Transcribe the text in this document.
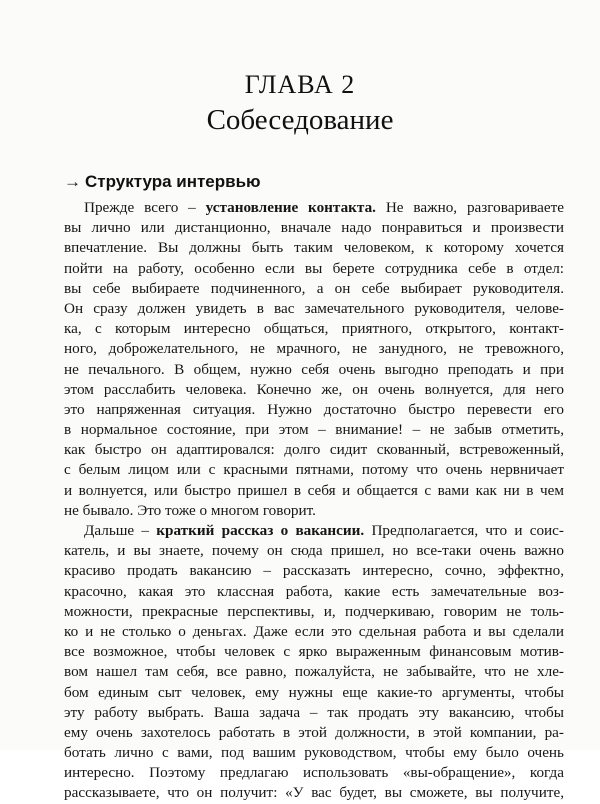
ГЛАВА 2
Собеседование
→ Структура интервью
Прежде всего – установление контакта. Не важно, разговариваете
вы лично или дистанционно, вначале надо понравиться и произвести
впечатление. Вы должны быть таким человеком, к которому хочется
пойти на работу, особенно если вы берете сотрудника себе в отдел:
вы себе выбираете подчиненного, а он себе выбирает руководителя.
Он сразу должен увидеть в вас замечательного руководителя, челове-
ка, с которым интересно общаться, приятного, открытого, контакт-
ного, доброжелательного, не мрачного, не занудного, не тревожного,
не печального. В общем, нужно себя очень выгодно преподать и при
этом расслабить человека. Конечно же, он очень волнуется, для него
это напряженная ситуация. Нужно достаточно быстро перевести его
в нормальное состояние, при этом – внимание! – не забыв отметить,
как быстро он адаптировался: долго сидит скованный, встревоженный,
с белым лицом или с красными пятнами, потому что очень нервничает
и волнуется, или быстро пришел в себя и общается с вами как ни в чем
не бывало. Это тоже о многом говорит.
Дальше – краткий рассказ о вакансии. Предполагается, что и соис-
катель, и вы знаете, почему он сюда пришел, но все-таки очень важно
красиво продать вакансию – рассказать интересно, сочно, эффектно,
красочно, какая это классная работа, какие есть замечательные воз-
можности, прекрасные перспективы, и, подчеркиваю, говорим не толь-
ко и не столько о деньгах. Даже если это сдельная работа и вы сделали
все возможное, чтобы человек с ярко выраженным финансовым мотив-
вом нашел там себя, все равно, пожалуйста, не забывайте, что не хле-
бом единым сыт человек, ему нужны еще какие-то аргументы, чтобы
эту работу выбрать. Ваша задача – так продать эту вакансию, чтобы
ему очень захотелось работать в этой должности, в этой компании, ра-
ботать лично с вами, под вашим руководством, чтобы ему было очень
интересно. Поэтому предлагаю использовать «вы-обращение», когда
рассказываете, что он получит: «У вас будет, вы сможете, вы получите,
